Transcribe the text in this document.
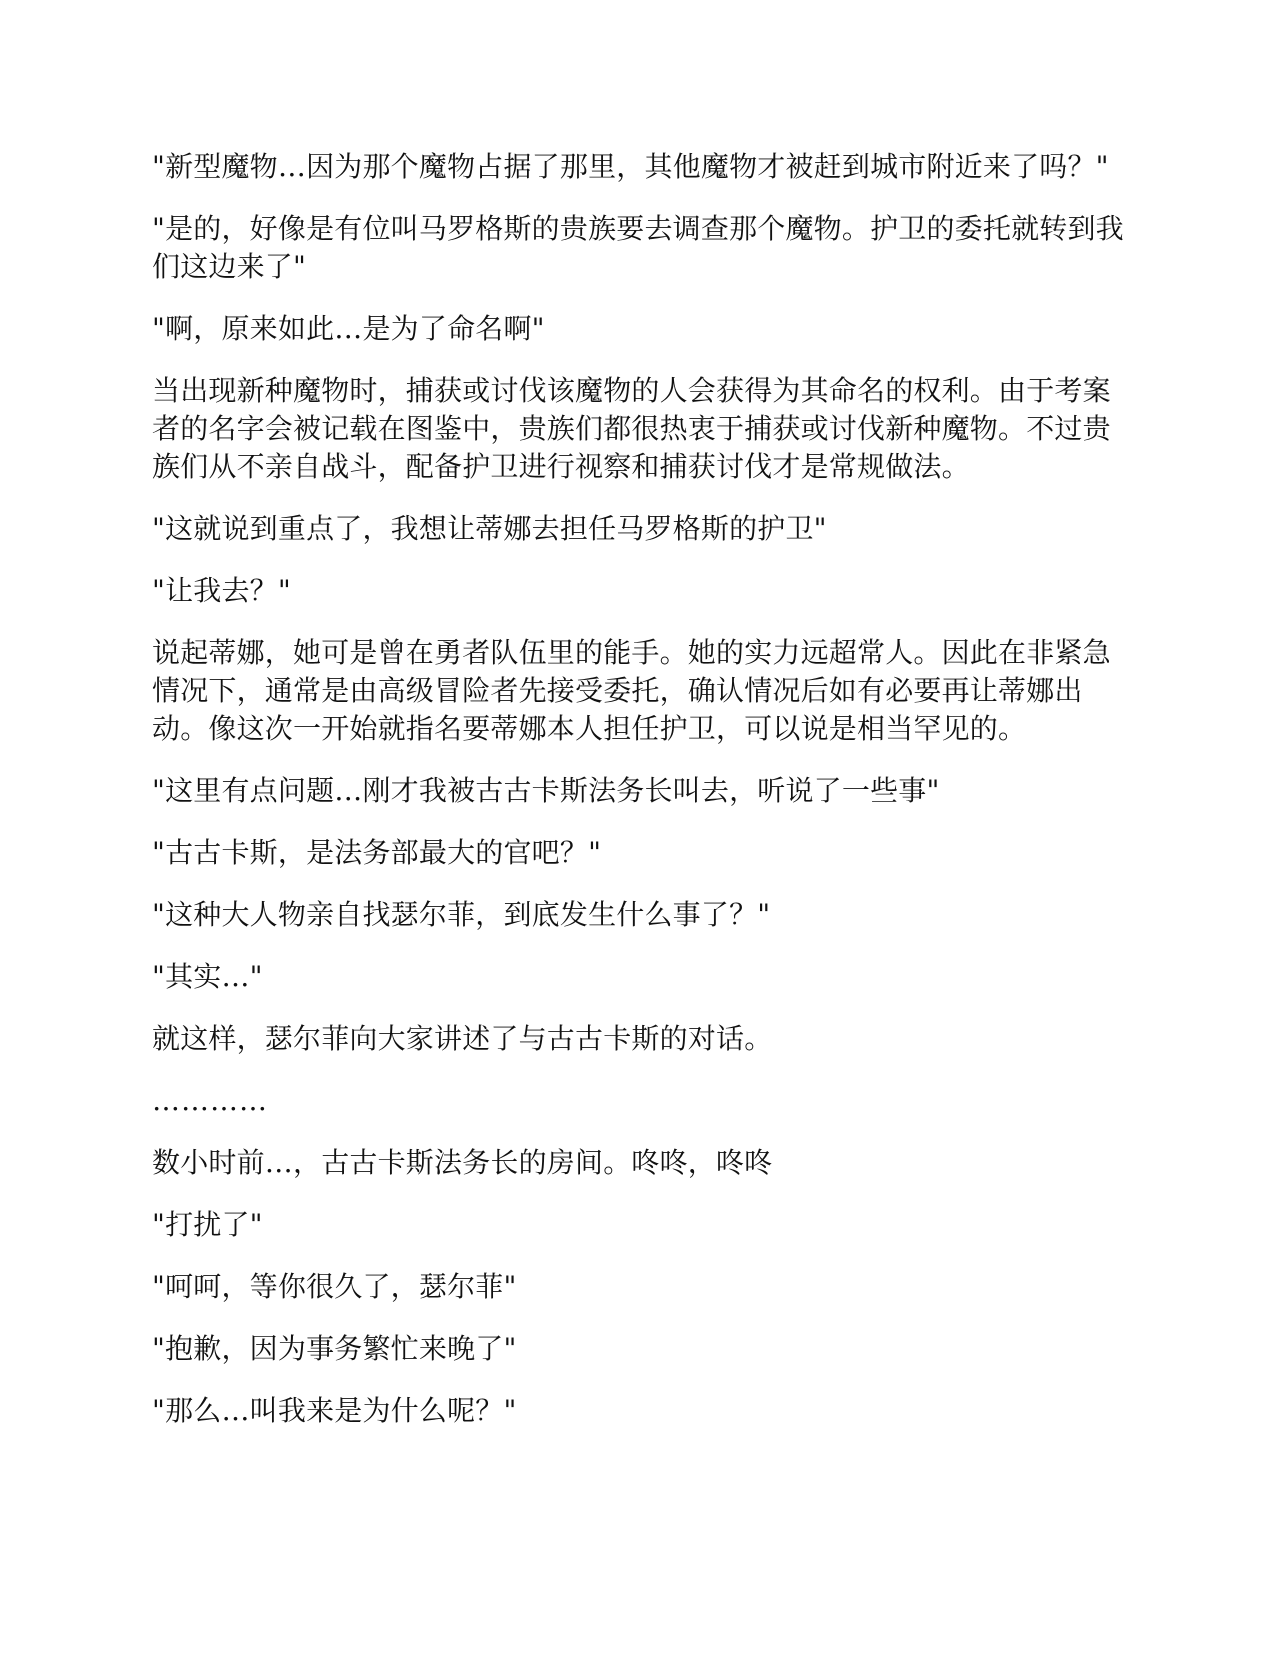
"新型魔物…因为那个魔物占据了那里，其他魔物才被赶到城市附近来了吗？"

"是的，好像是有位叫马罗格斯的贵族要去调查那个魔物。护卫的委托就转到我们这边来了"

"啊，原来如此…是为了命名啊"

当出现新种魔物时，捕获或讨伐该魔物的人会获得为其命名的权利。由于考案者的名字会被记载在图鉴中，贵族们都很热衷于捕获或讨伐新种魔物。不过贵族们从不亲自战斗，配备护卫进行视察和捕获讨伐才是常规做法。

"这就说到重点了，我想让蒂娜去担任马罗格斯的护卫"

"让我去？"

说起蒂娜，她可是曾在勇者队伍里的能手。她的实力远超常人。因此在非紧急情况下，通常是由高级冒险者先接受委托，确认情况后如有必要再让蒂娜出动。像这次一开始就指名要蒂娜本人担任护卫，可以说是相当罕见的。

"这里有点问题…刚才我被古古卡斯法务长叫去，听说了一些事"

"古古卡斯，是法务部最大的官吧？"

"这种大人物亲自找瑟尔菲，到底发生什么事了？"

"其实…"

就这样，瑟尔菲向大家讲述了与古古卡斯的对话。

…………

数小时前…，古古卡斯法务长的房间。咚咚，咚咚

"打扰了"

"呵呵，等你很久了，瑟尔菲"

"抱歉，因为事务繁忙来晚了"

"那么…叫我来是为什么呢？"
